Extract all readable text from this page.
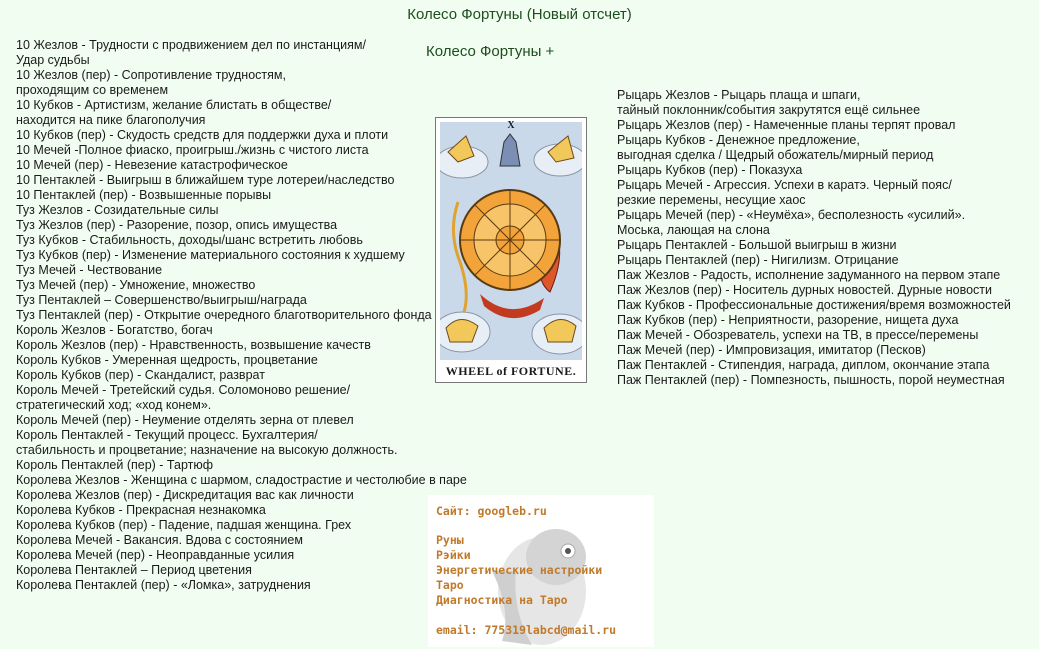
Колесо Фортуны (Новый отсчет)
Колесо Фортуны +
10 Жезлов - Трудности с продвижением дел по инстанциям/
Удар судьбы
10 Жезлов (пер) - Сопротивление трудностям,
проходящим со временем
10 Кубков - Артистизм, желание блистать в обществе/
находится на пике благополучия
10 Кубков (пер) - Скудость средств для поддержки духа и плоти
10 Мечей -Полное фиаско, проигрыш./жизнь с чистого листа
10 Мечей (пер) - Невезение катастрофическое
10 Пентаклей - Выигрыш в ближайшем туре лотереи/наследство
10 Пентаклей (пер) - Возвышенные порывы
Туз Жезлов - Созидательные силы
Туз Жезлов (пер) - Разорение, позор, опись имущества
Туз Кубков - Стабильность, доходы/шанс встретить любовь
Туз Кубков (пер) - Изменение материального состояния к худшему
Туз Мечей - Чествование
Туз Мечей (пер) - Умножение, множество
Туз Пентаклей – Совершенство/выигрыш/награда
Туз Пентаклей (пер) - Открытие очередного благотворительного фонда
Король Жезлов - Богатство, богач
Король Жезлов (пер) - Нравственность, возвышение качеств
Король Кубков - Умеренная щедрость, процветание
Король Кубков (пер) - Скандалист, разврат
Король Мечей - Третейский судья. Соломоново решение/
стратегический ход; «ход конем».
Король Мечей (пер) - Неумение отделять зерна от плевел
Король Пентаклей - Текущий процесс. Бухгалтерия/
стабильность и процветание; назначение на высокую должность.
Король Пентаклей (пер) - Тартюф
Королева Жезлов - Женщина с шармом, сладострастие и честолюбие в паре
Королева Жезлов (пер) - Дискредитация вас как личности
Королева Кубков - Прекрасная незнакомка
Королева Кубков (пер) - Падение, падшая женщина. Грех
Королева Мечей - Вакансия. Вдова с состоянием
Королева Мечей (пер) - Неоправданные усилия
Королева Пентаклей – Период цветения
Королева Пентаклей (пер) - «Ломка», затруднения
Рыцарь Жезлов - Рыцарь плаща и шпаги,
тайный поклонник/события закрутятся ещё сильнее
Рыцарь Жезлов (пер) - Намеченные планы терпят провал
Рыцарь Кубков - Денежное предложение,
выгодная сделка / Щедрый обожатель/мирный период
Рыцарь Кубков (пер) - Показуха
Рыцарь Мечей - Агрессия. Успехи в каратэ. Черный пояс/
резкие перемены, несущие хаос
Рыцарь Мечей (пер) - «Неумёха», бесполезность «усилий».
Моська, лающая на слона
Рыцарь Пентаклей - Большой выигрыш в жизни
Рыцарь Пентаклей (пер) - Нигилизм. Отрицание
Паж Жезлов - Радость, исполнение задуманного на первом этапе
Паж Жезлов (пер) - Носитель дурных новостей. Дурные новости
Паж Кубков - Профессиональные достижения/время возможностей
Паж Кубков (пер) - Неприятности, разорение, нищета духа
Паж Мечей - Обозреватель, успехи на ТВ, в прессе/перемены
Паж Мечей (пер) - Импровизация, имитатор (Песков)
Паж Пентаклей - Стипендия, награда, диплом, окончание этапа
Паж Пентаклей (пер) - Помпезность, пышность, порой неуместная
X
WHEEL of FORTUNE.
Сайт: googleb.ru
Руны
Рэйки
Энергетические настройки
Таро
Диагностика на Таро
email: 775319labcd@mail.ru
